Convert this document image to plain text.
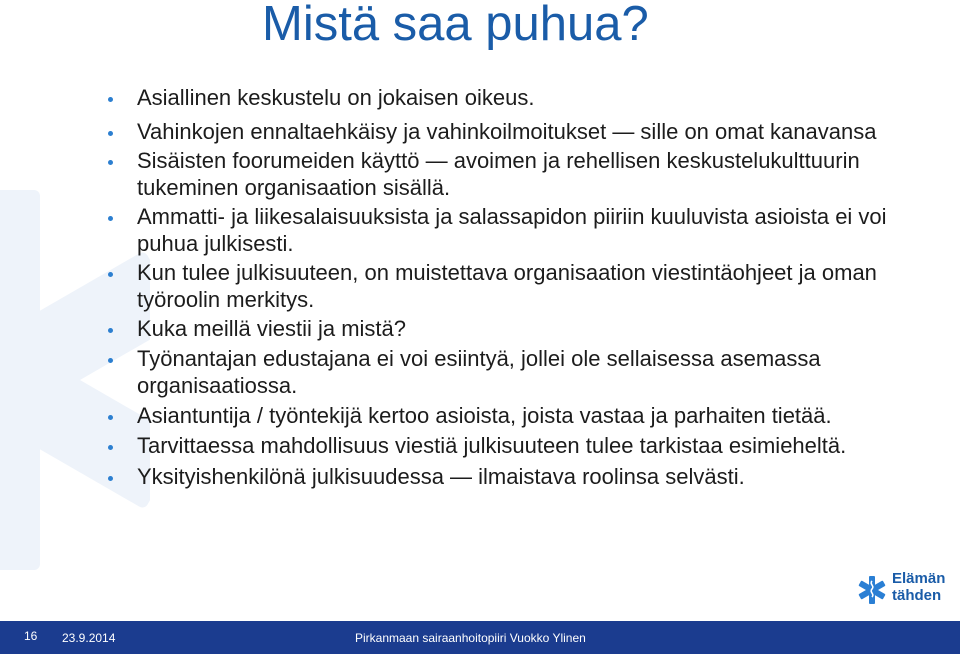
Mistä saa puhua?
Asiallinen keskustelu on jokaisen oikeus.
Vahinkojen ennaltaehkäisy ja vahinkoilmoitukset — sille on omat kanavansa
Sisäisten foorumeiden käyttö — avoimen ja rehellisen keskustelukulttuurin tukeminen organisaation sisällä.
Ammatti- ja liikesalaisuuksista ja salassapidon piiriin kuuluvista asioista ei voi puhua julkisesti.
Kun tulee julkisuuteen, on muistettava organisaation viestintäohjeet ja oman työroolin merkitys.
Kuka meillä viestii ja mistä?
Työnantajan edustajana ei voi esiintyä, jollei ole sellaisessa asemassa organisaatiossa.
Asiantuntija / työntekijä kertoo asioista, joista vastaa ja parhaiten tietää.
Tarvittaessa mahdollisuus viestiä julkisuuteen tulee tarkistaa esimieheltä.
Yksityishenkilönä julkisuudessa — ilmaistava roolinsa selvästi.
Elämän
tähden
16 23.9.2014	Pirkanmaan sairaanhoitopiiri Vuokko Ylinen
